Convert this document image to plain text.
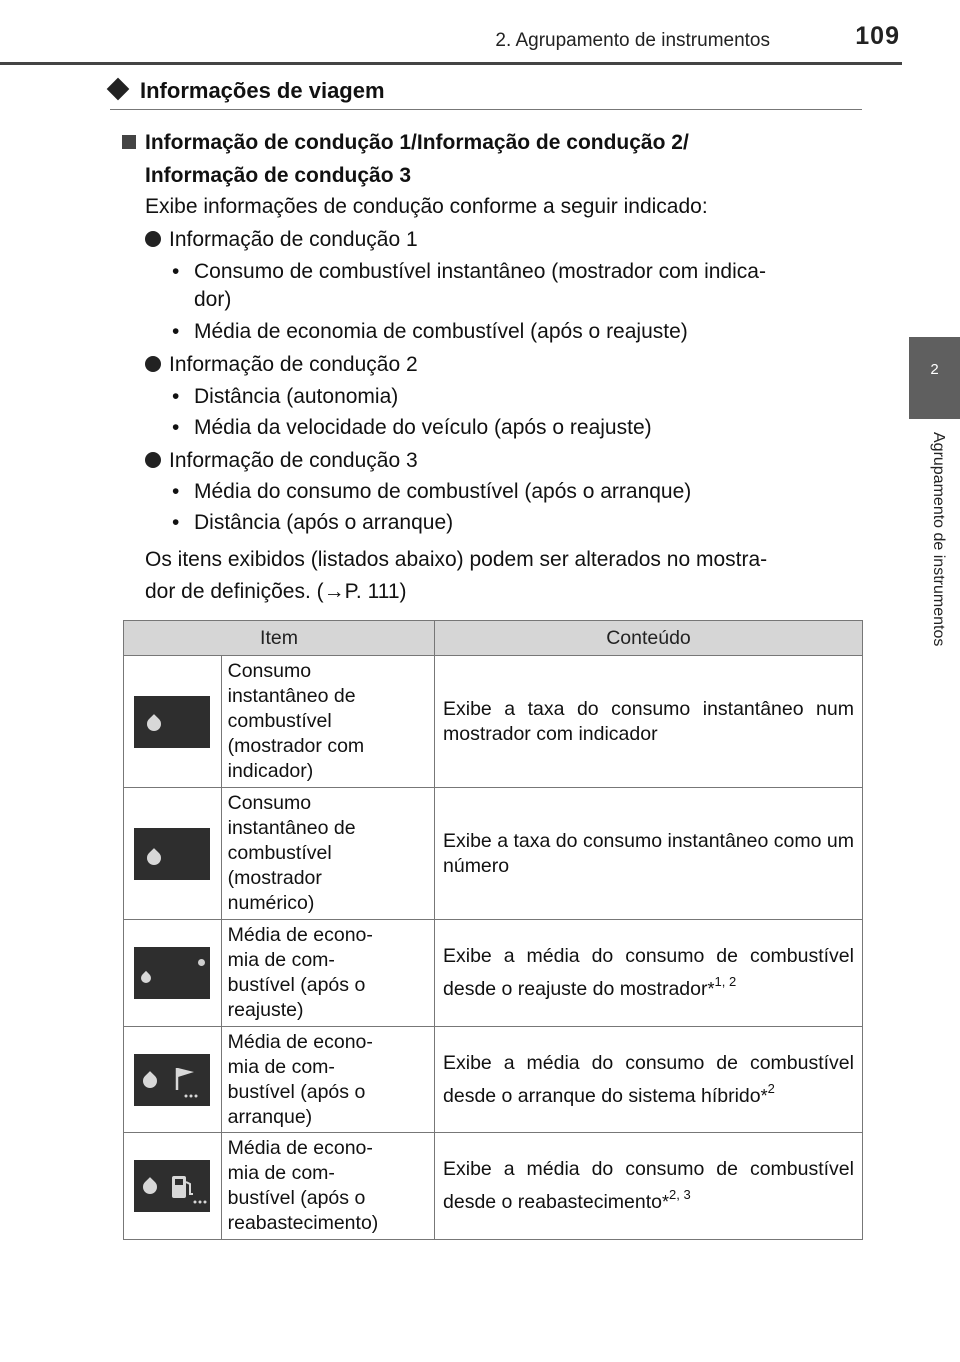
2. Agrupamento de instrumentos	109
2
Agrupamento de instrumentos
Informações de viagem
Informação de condução 1/Informação de condução 2/
Informação de condução 3
Exibe informações de condução conforme a seguir indicado:
Informação de condução 1
• Consumo de combustível instantâneo (mostrador com indica-
dor)
• Média de economia de combustível (após o reajuste)
Informação de condução 2
• Distância (autonomia)
• Média da velocidade do veículo (após o reajuste)
Informação de condução 3
• Média do consumo de combustível (após o arranque)
• Distância (após o arranque)
Os itens exibidos (listados abaixo) podem ser alterados no mostra-
dor de definições. (→P. 111)
Item		Conteúdo

	Consumo
instantâneo de
combustível
(mostrador com
indicador)	Exibe a taxa do consumo instantâneo num mostrador com indicador

	Consumo
instantâneo de
combustível
(mostrador
numérico)	Exibe a taxa do consumo instantâneo como um número

	Média de econo-
mia de com-
bustível (após o
reajuste)	Exibe a média do consumo de combustível desde o reajuste do mostrador*$^{1, 2}$

Média de econo-
mia de com-
bustível (após o
arranque)	Exibe a média do consumo de combustível desde o arranque do sistema híbrido*$^2$

Média de econo-
mia de com-
bustível (após o
reabastecimento)	Exibe a média do consumo de combustível desde o reabastecimento*$^{2, 3}$
